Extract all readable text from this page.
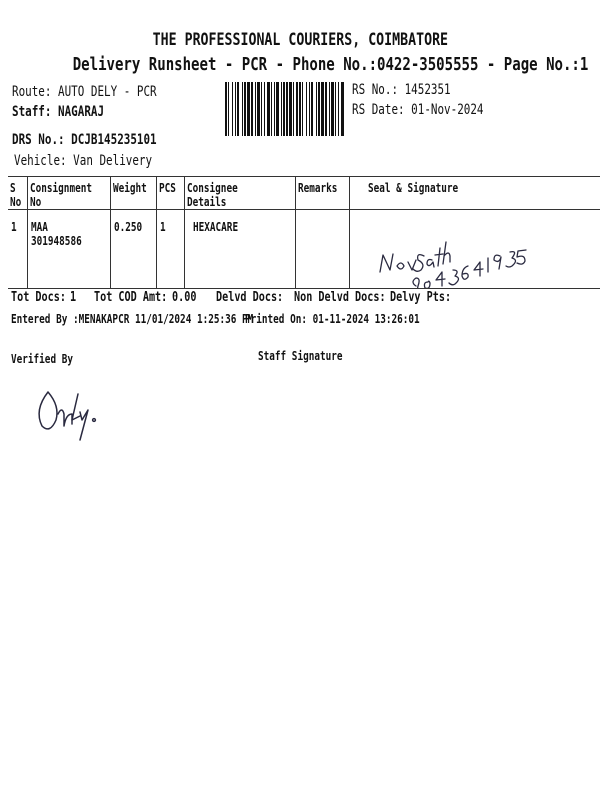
THE PROFESSIONAL COURIERS, COIMBATORE
Delivery Runsheet - PCR - Phone No.:0422-3505555 - Page No.:1
Route: AUTO DELY - PCR
Staff: NAGARAJ
DRS No.: DCJB145235101
Vehicle: Van Delivery
RS No.: 1452351
RS Date: 01-Nov-2024
S No	Consignment No	Weight	PCS	Consignee Details	Remarks	Seal & Signature
1	MAA 301948586	0.250	1	HEXACARE		
Tot Docs: 1 Tot COD Amt: 0.00	Delvd Docs: Non Delvd Docs: Delvy Pts:
Entered By :MENAKAPCR 11/01/2024 1:25:36 PM
Printed On: 01-11-2024 13:26:01
Verified By	Staff Signature
